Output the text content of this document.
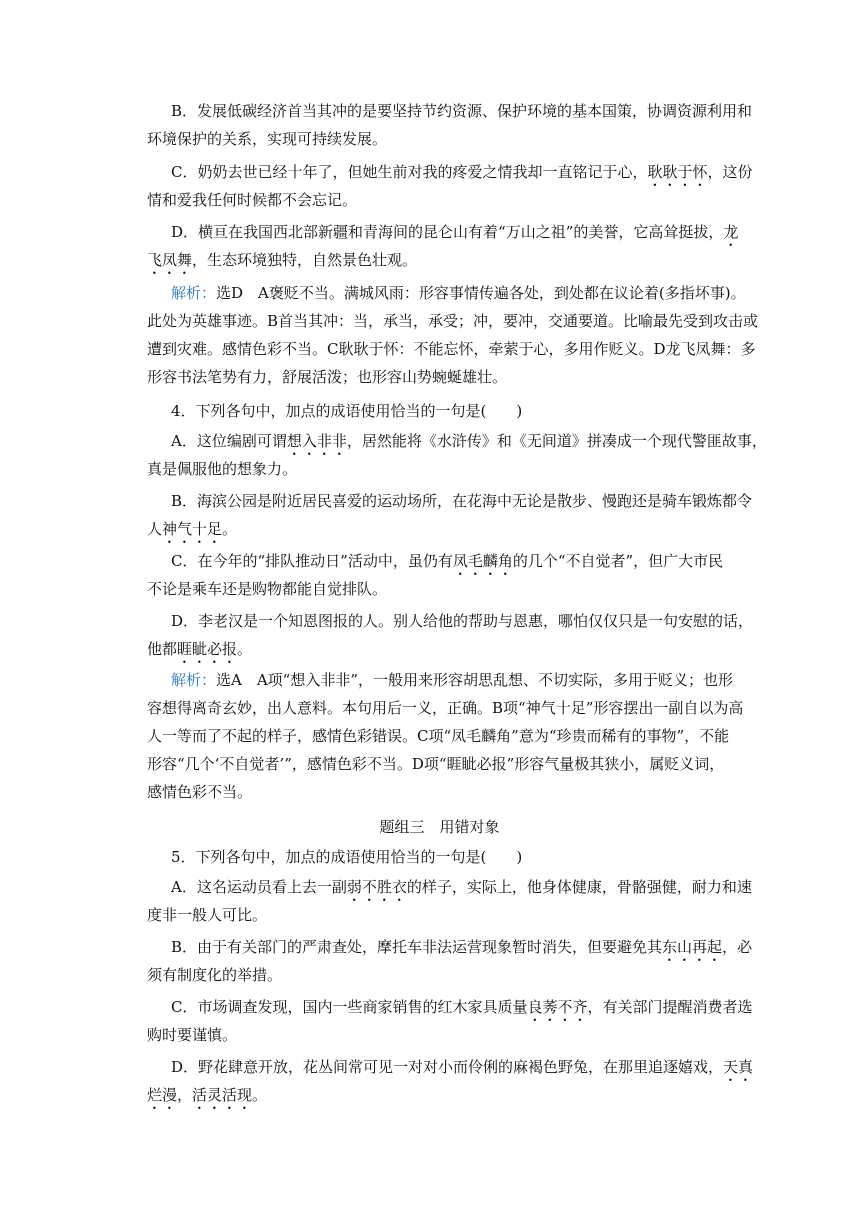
B．发展低碳经济首当其冲的是要坚持节约资源、保护环境的基本国策，协调资源利用和
环境保护的关系，实现可持续发展。
C．奶奶去世已经十年了，但她生前对我的疼爱之情我却一直铭记于心，耿耿于怀，这份
情和爱我任何时候都不会忘记。
D．横亘在我国西北部新疆和青海间的昆仑山有着“万山之祖”的美誉，它高耸挺拔，龙
飞凤舞，生态环境独特，自然景色壮观。
解析：选D　A褒贬不当。满城风雨：形容事情传遍各处，到处都在议论着(多指坏事)。
此处为英雄事迹。B首当其冲：当，承当，承受；冲，要冲，交通要道。比喻最先受到攻击或
遭到灾难。感情色彩不当。C耿耿于怀：不能忘怀，牵萦于心，多用作贬义。D龙飞凤舞：多
形容书法笔势有力，舒展活泼；也形容山势蜿蜒雄壮。
4．下列各句中，加点的成语使用恰当的一句是(　　)
A．这位编剧可谓想入非非，居然能将《水浒传》和《无间道》拼凑成一个现代警匪故事，
真是佩服他的想象力。
B．海滨公园是附近居民喜爱的运动场所，在花海中无论是散步、慢跑还是骑车锻炼都令
人神气十足。
C．在今年的“排队推动日”活动中，虽仍有凤毛麟角的几个“不自觉者”，但广大市民
不论是乘车还是购物都能自觉排队。
D．李老汉是一个知恩图报的人。别人给他的帮助与恩惠，哪怕仅仅只是一句安慰的话，
他都睚眦必报。
解析：选A　A项“想入非非”，一般用来形容胡思乱想、不切实际，多用于贬义；也形
容想得离奇玄妙，出人意料。本句用后一义，正确。B项“神气十足”形容摆出一副自以为高
人一等而了不起的样子，感情色彩错误。C项“凤毛麟角”意为“珍贵而稀有的事物”，不能
形容“几个‘不自觉者’”，感情色彩不当。D项“睚眦必报”形容气量极其狭小，属贬义词，
感情色彩不当。
题组三　用错对象
5．下列各句中，加点的成语使用恰当的一句是(　　)
A．这名运动员看上去一副弱不胜衣的样子，实际上，他身体健康，骨骼强健，耐力和速
度非一般人可比。
B．由于有关部门的严肃查处，摩托车非法运营现象暂时消失，但要避免其东山再起，必
须有制度化的举措。
C．市场调查发现，国内一些商家销售的红木家具质量良莠不齐，有关部门提醒消费者选
购时要谨慎。
D．野花肆意开放，花丛间常可见一对对小而伶俐的麻褐色野兔，在那里追逐嬉戏，天真
烂漫，活灵活现。
